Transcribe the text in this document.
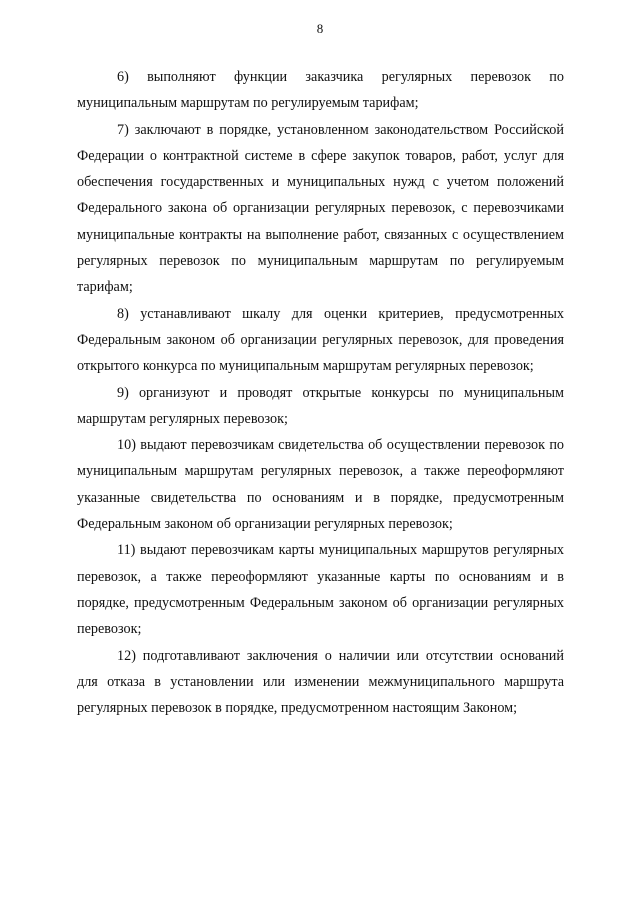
8

6) выполняют функции заказчика регулярных перевозок по муниципальным маршрутам по регулируемым тарифам;

7) заключают в порядке, установленном законодательством Российской Федерации о контрактной системе в сфере закупок товаров, работ, услуг для обеспечения государственных и муниципальных нужд с учетом положений Федерального закона об организации регулярных перевозок, с перевозчиками муниципальные контракты на выполнение работ, связанных с осуществлением регулярных перевозок по муниципальным маршрутам по регулируемым тарифам;

8) устанавливают шкалу для оценки критериев, предусмотренных Федеральным законом об организации регулярных перевозок, для проведения открытого конкурса по муниципальным маршрутам регулярных перевозок;

9) организуют и проводят открытые конкурсы по муниципальным маршрутам регулярных перевозок;

10) выдают перевозчикам свидетельства об осуществлении перевозок по муниципальным маршрутам регулярных перевозок, а также переоформляют указанные свидетельства по основаниям и в порядке, предусмотренным Федеральным законом об организации регулярных перевозок;

11) выдают перевозчикам карты муниципальных маршрутов регулярных перевозок, а также переоформляют указанные карты по основаниям и в порядке, предусмотренным Федеральным законом об организации регулярных перевозок;

12) подготавливают заключения о наличии или отсутствии оснований для отказа в установлении или изменении межмуниципального маршрута регулярных перевозок в порядке, предусмотренном настоящим Законом;
